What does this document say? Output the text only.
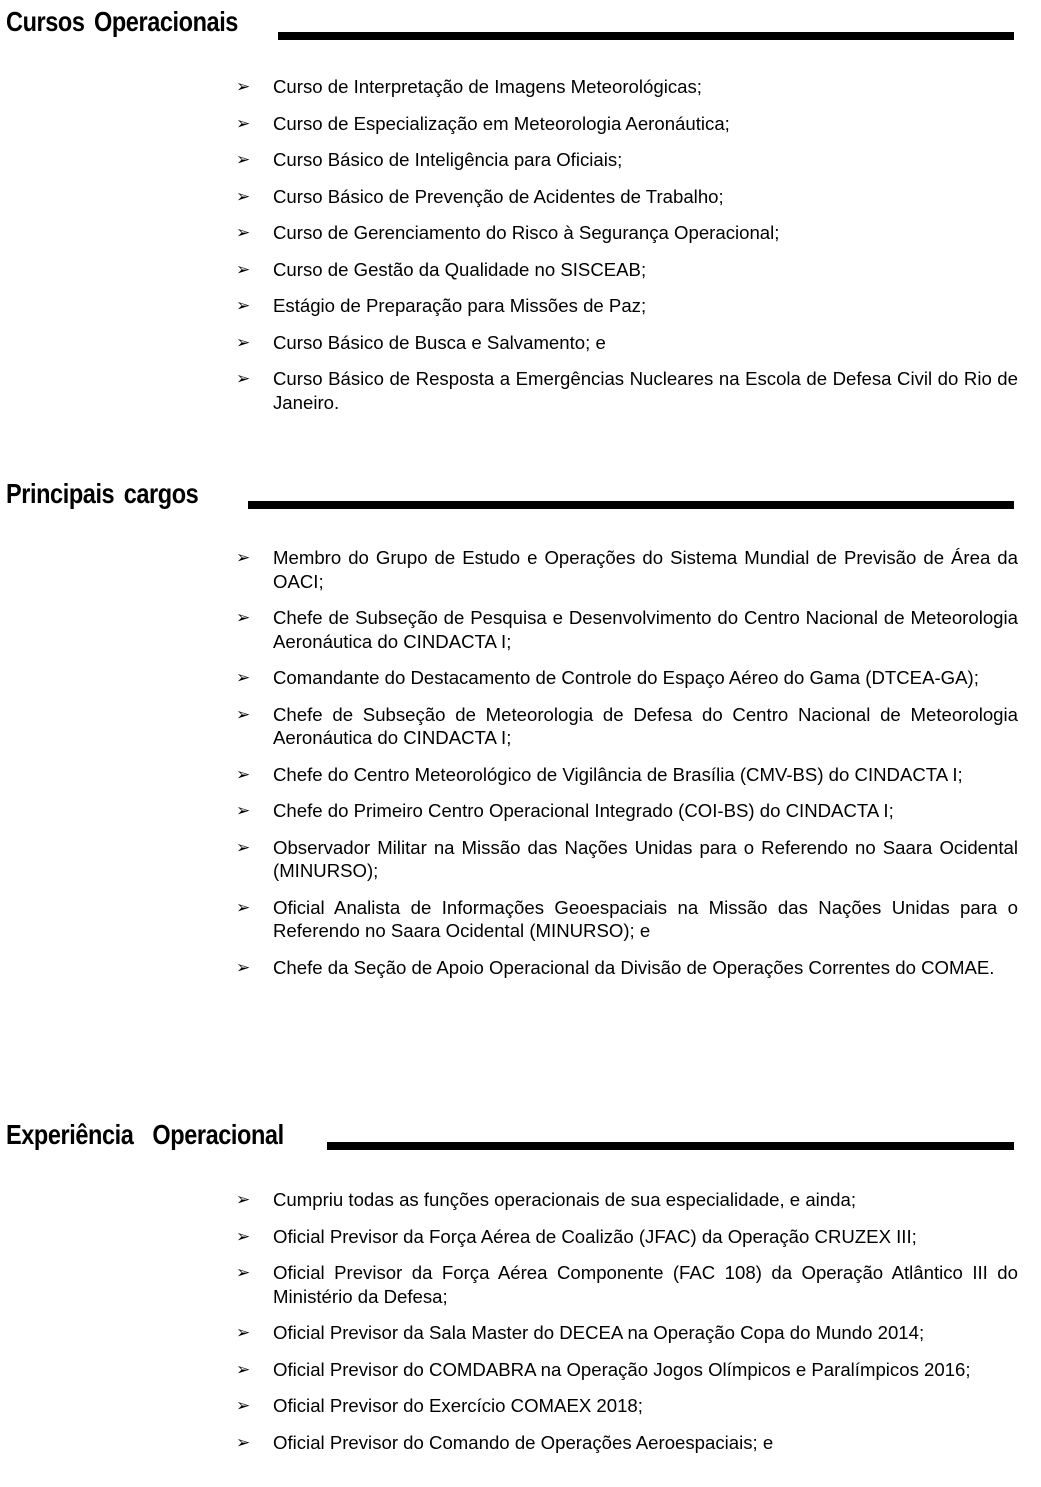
Cursos Operacionais
➢ Curso de Interpretação de Imagens Meteorológicas;
➢ Curso de Especialização em Meteorologia Aeronáutica;
➢ Curso Básico de Inteligência para Oficiais;
➢ Curso Básico de Prevenção de Acidentes de Trabalho;
➢ Curso de Gerenciamento do Risco à Segurança Operacional;
➢ Curso de Gestão da Qualidade no SISCEAB;
➢ Estágio de Preparação para Missões de Paz;
➢ Curso Básico de Busca e Salvamento; e
➢ Curso Básico de Resposta a Emergências Nucleares na Escola de Defesa Civil do Rio de Janeiro.
Principais cargos
➢ Membro do Grupo de Estudo e Operações do Sistema Mundial de Previsão de Área da OACI;
➢ Chefe de Subseção de Pesquisa e Desenvolvimento do Centro Nacional de Meteorologia Aeronáutica do CINDACTA I;
➢ Comandante do Destacamento de Controle do Espaço Aéreo do Gama (DTCEA-GA);
➢ Chefe de Subseção de Meteorologia de Defesa do Centro Nacional de Meteorologia Aeronáutica do CINDACTA I;
➢ Chefe do Centro Meteorológico de Vigilância de Brasília (CMV-BS) do CINDACTA I;
➢ Chefe do Primeiro Centro Operacional Integrado (COI-BS) do CINDACTA I;
➢ Observador Militar na Missão das Nações Unidas para o Referendo no Saara Ocidental (MINURSO);
➢ Oficial Analista de Informações Geoespaciais na Missão das Nações Unidas para o Referendo no Saara Ocidental (MINURSO); e
➢ Chefe da Seção de Apoio Operacional da Divisão de Operações Correntes do COMAE.
Experiência  Operacional
➢ Cumpriu todas as funções operacionais de sua especialidade, e ainda;
➢ Oficial Previsor da Força Aérea de Coalizão (JFAC) da Operação CRUZEX III;
➢ Oficial Previsor da Força Aérea Componente (FAC 108) da Operação Atlântico III do Ministério da Defesa;
➢ Oficial Previsor da Sala Master do DECEA na Operação Copa do Mundo 2014;
➢ Oficial Previsor do COMDABRA na Operação Jogos Olímpicos e Paralímpicos 2016;
➢ Oficial Previsor do Exercício COMAEX 2018;
➢ Oficial Previsor do Comando de Operações Aeroespaciais; e
